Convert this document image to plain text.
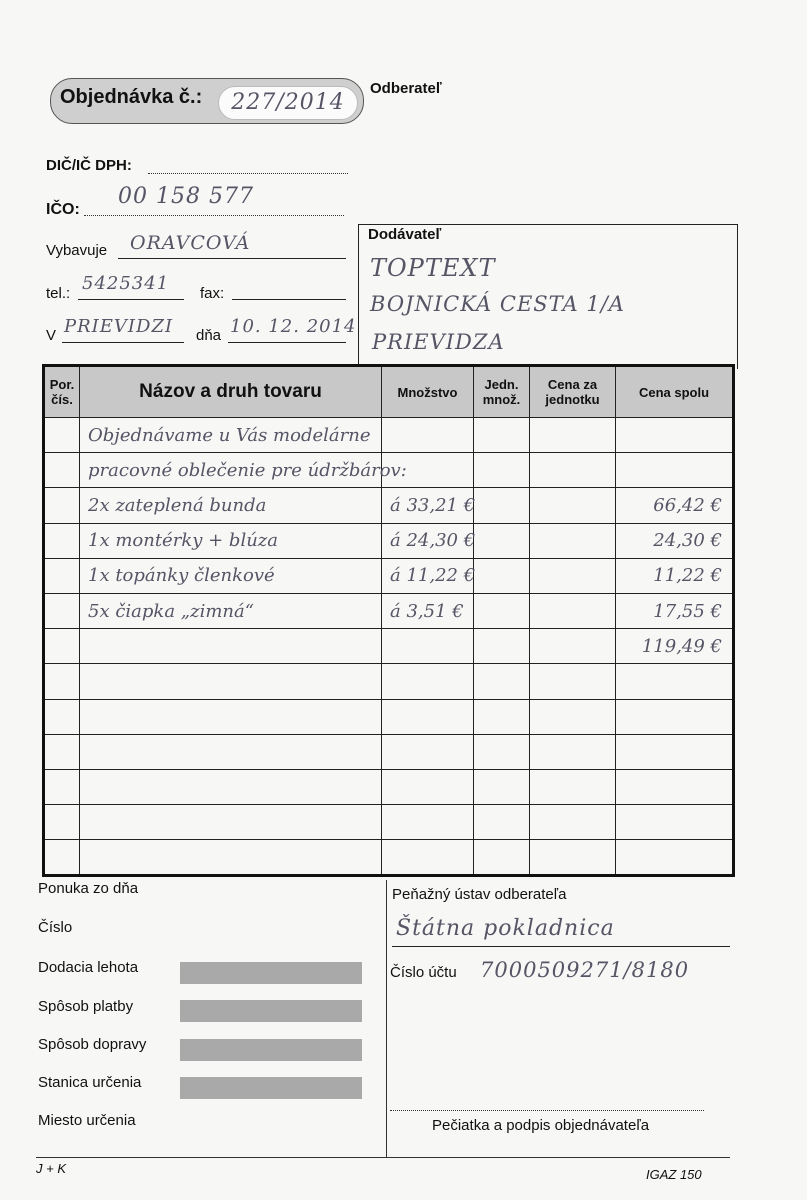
Objednávka č.:	227/2014
Odberateľ
DIČ/IČ DPH:
IČO:
00 158 577
Vybavuje ORAVCOVÁ
tel.: 5425341 fax:
V PRIEVIDZI dňa 10. 12. 2014
Dodávateľ
TOPTEXT
BOJNICKÁ CESTA 1/A
PRIEVIDZA
Por. čís.	Názov a druh tovaru	Množstvo	Jedn. množ.	Cena za jednotku	Cena spolu
	Objednávame u Vás modelárne				
	pracovné oblečenie pre údržbárov:				
	2x zateplená bunda	á 33,21 €			66,42 €
	1x montérky + blúza	á 24,30 €			24,30 €
	1x topánky členkové	á 11,22 €			11,22 €
	5x čiapka „zimná“	á 3,51 €			17,55 €
					119,49 €

Ponuka zo dňa
Číslo
Dodacia lehota
Spôsob platby
Spôsob dopravy
Stanica určenia
Miesto určenia
Peňažný ústav odberateľa
Štátna pokladnica
Číslo účtu 7000509271/8180
Pečiatka a podpis objednávateľa
J + K	IGAZ 150
